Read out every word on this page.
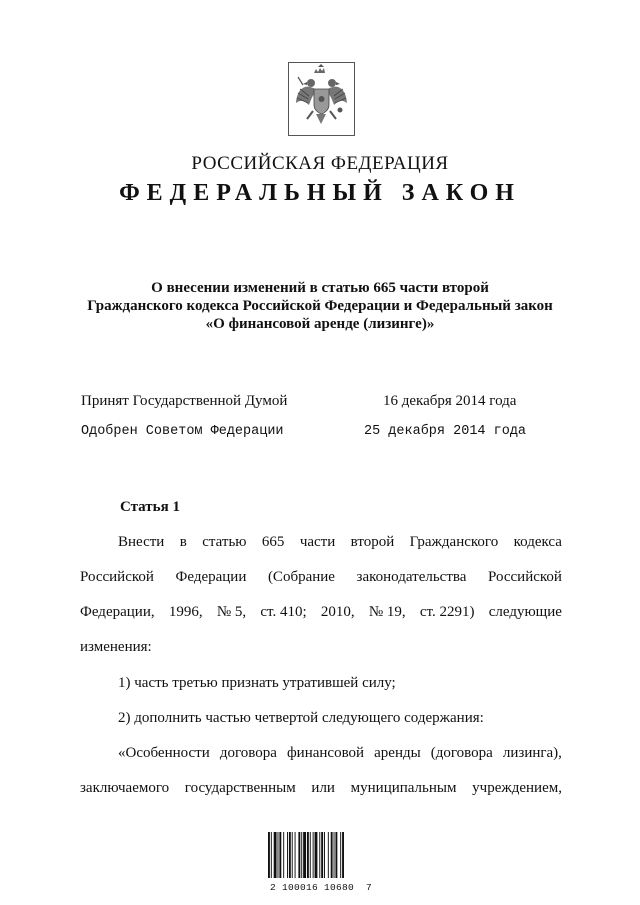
РОССИЙСКАЯ ФЕДЕРАЦИЯ
ФЕДЕРАЛЬНЫЙ ЗАКОН
О внесении изменений в статью 665 части второй
Гражданского кодекса Российской Федерации и Федеральный закон
«О финансовой аренде (лизинге)»
Принят Государственной Думой	16 декабря 2014 года
Одобрен Советом Федерации	25 декабря 2014 года
Статья 1
Внести в статью 665 части второй Гражданского кодекса
Российской Федерации (Собрание законодательства Российской
Федерации, 1996, № 5, ст. 410; 2010, № 19, ст. 2291) следующие
изменения:
1) часть третью признать утратившей силу;
2) дополнить частью четвертой следующего содержания:
«Особенности договора финансовой аренды (договора лизинга),
заключаемого государственным или муниципальным учреждением,
2 100016 10680  7
